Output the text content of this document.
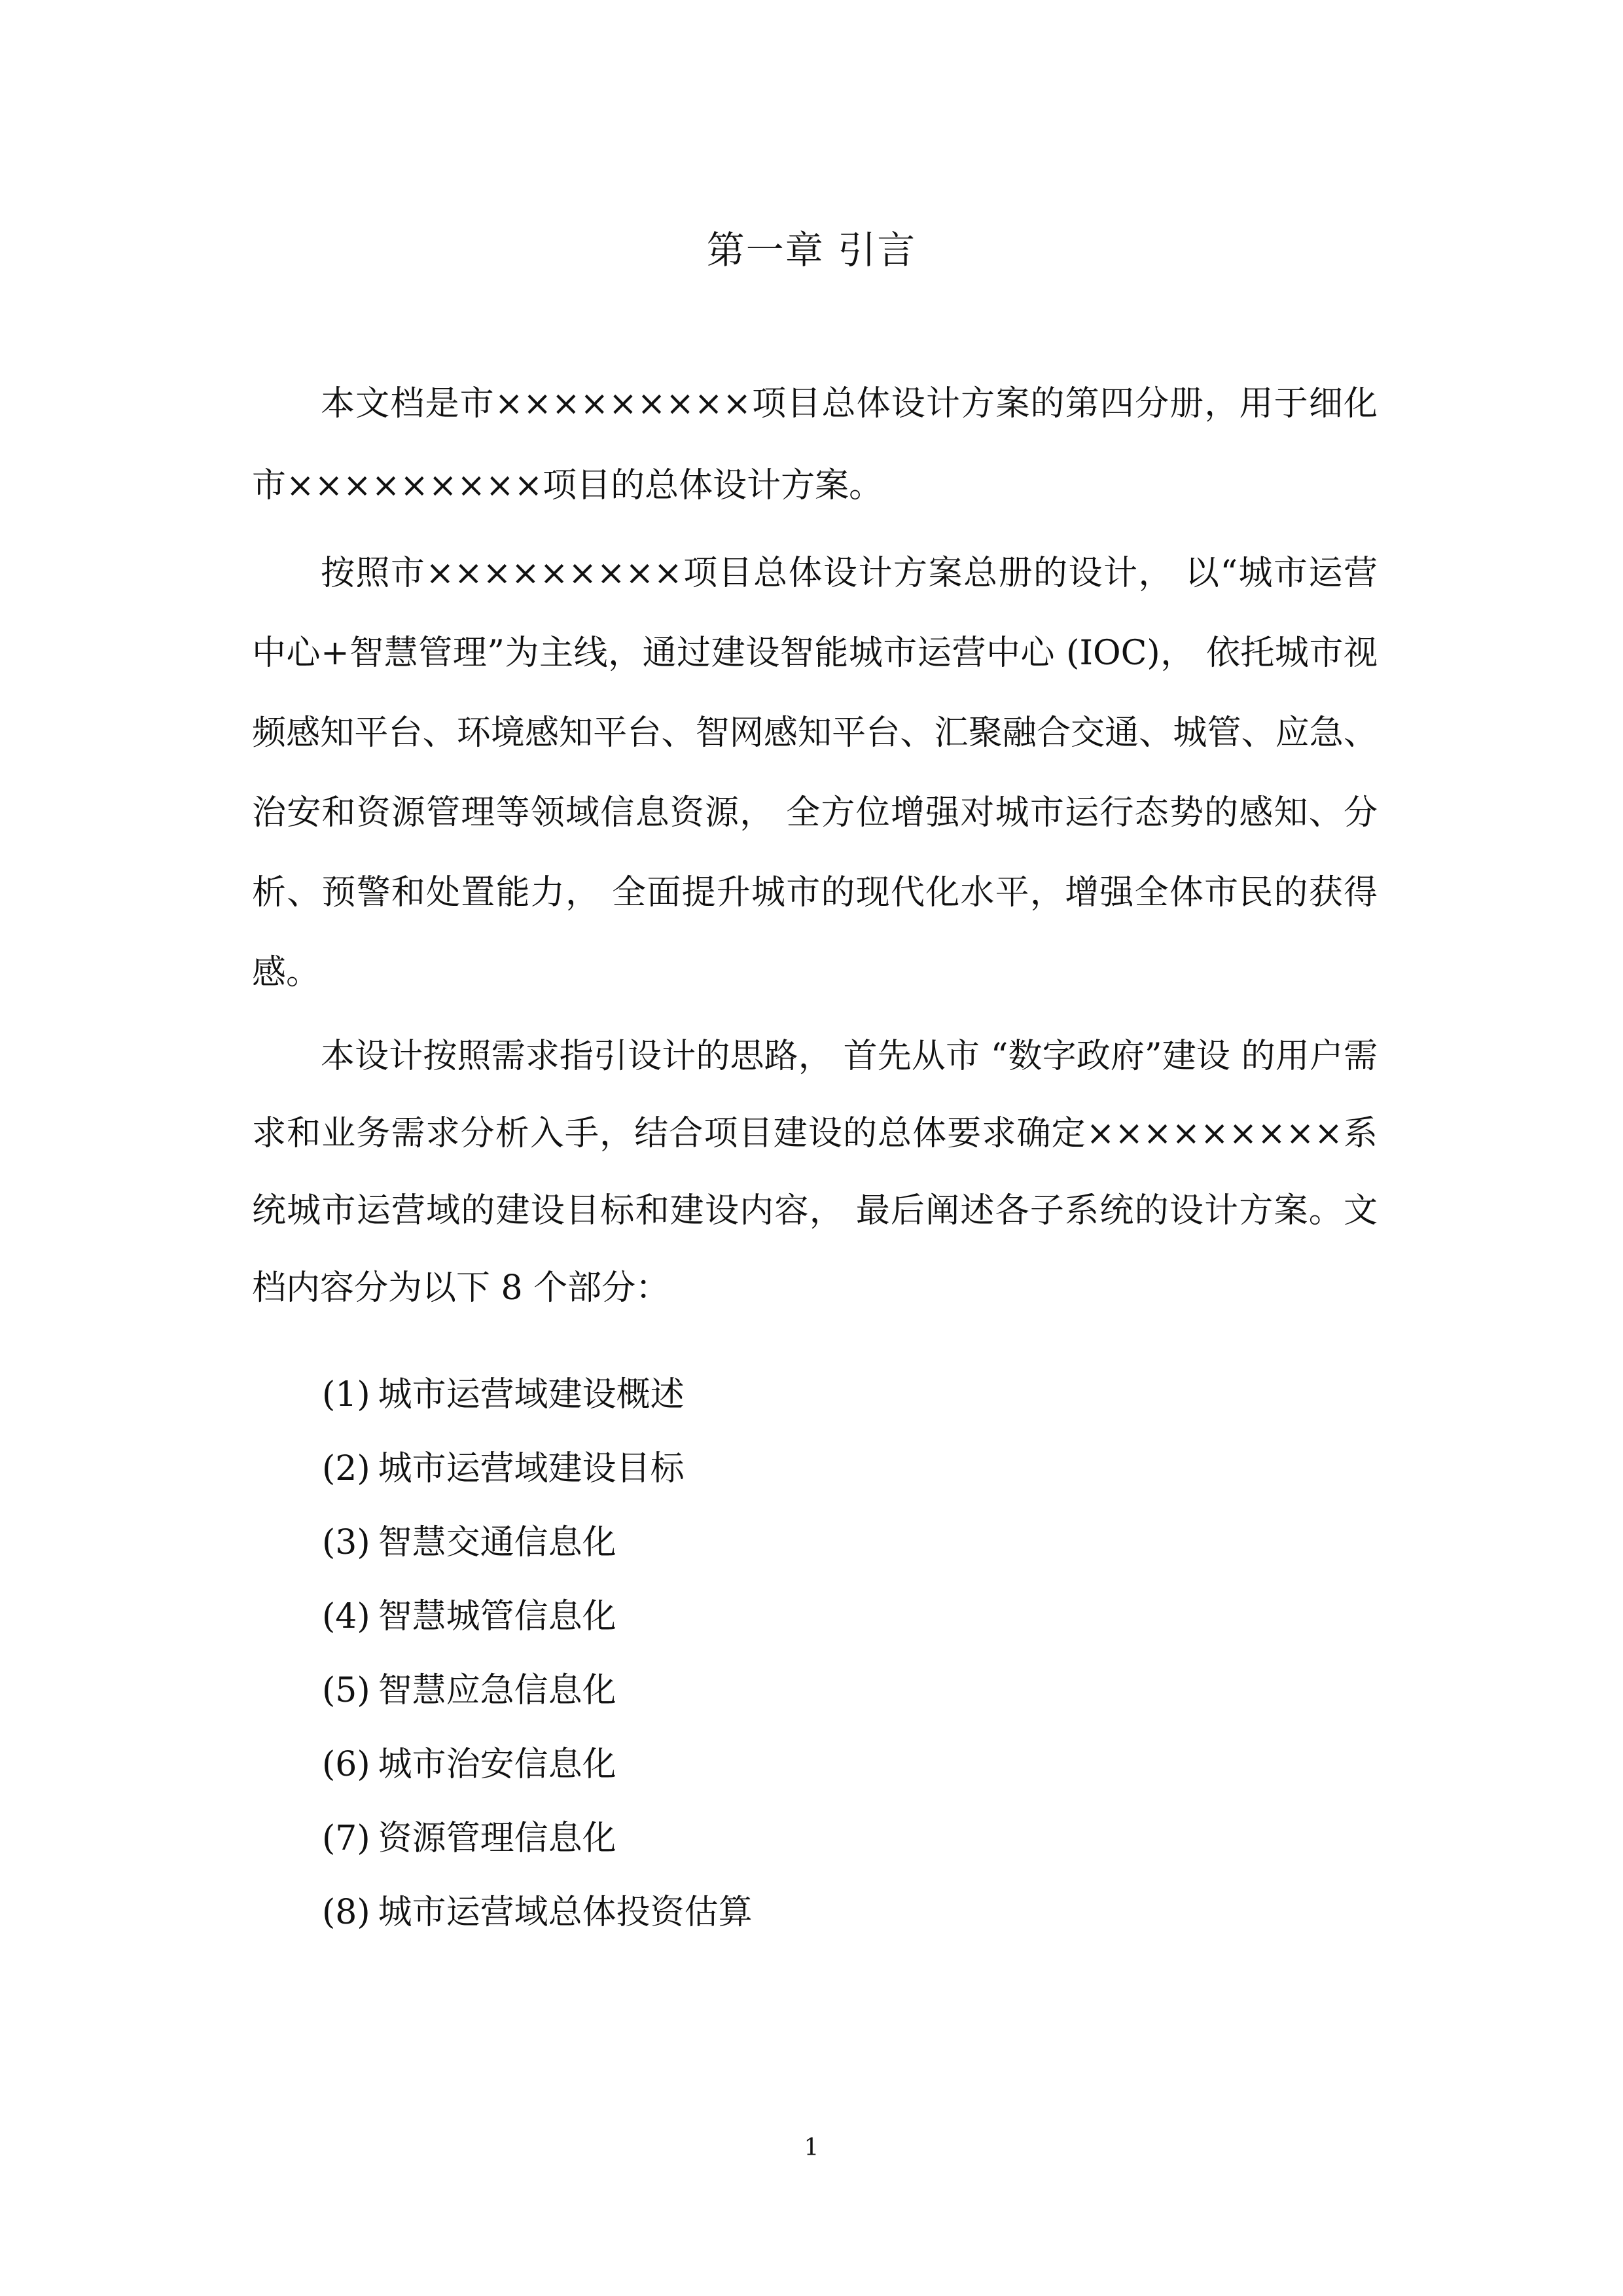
第一章 引言

本文档是市×××××××××项目总体设计方案的第四分册，用于细化市×××××××××项目的总体设计方案。

按照市×××××××××项目总体设计方案总册的设计， 以“城市运营中心+智慧管理”为主线，通过建设智能城市运营中心 (IOC)， 依托城市视频感知平台、环境感知平台、智网感知平台、汇聚融合交通、城管、应急、治安和资源管理等领域信息资源， 全方位增强对城市运行态势的感知、分析、预警和处置能力， 全面提升城市的现代化水平，增强全体市民的获得感。

本设计按照需求指引设计的思路， 首先从市 “数字政府”建设 的用户需求和业务需求分析入手，结合项目建设的总体要求确定×××××××××系统城市运营域的建设目标和建设内容， 最后阐述各子系统的设计方案。文档内容分为以下 8 个部分：

(1) 城市运营域建设概述
(2) 城市运营域建设目标
(3) 智慧交通信息化
(4) 智慧城管信息化
(5) 智慧应急信息化
(6) 城市治安信息化
(7) 资源管理信息化
(8) 城市运营域总体投资估算
1
